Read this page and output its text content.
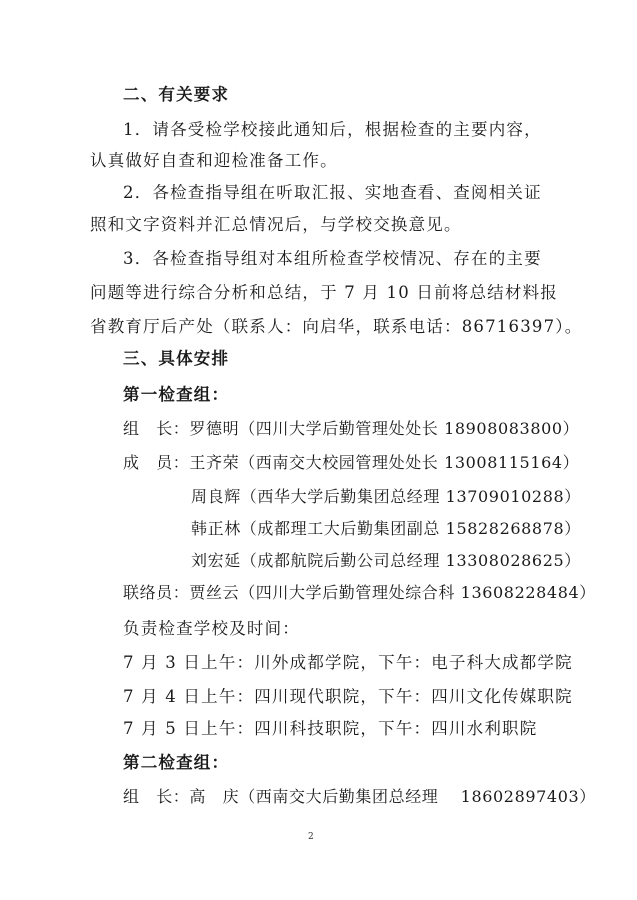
二、有关要求
1．请各受检学校接此通知后，根据检查的主要内容，
认真做好自查和迎检准备工作。
2．各检查指导组在听取汇报、实地查看、查阅相关证
照和文字资料并汇总情况后，与学校交换意见。
3．各检查指导组对本组所检查学校情况、存在的主要
问题等进行综合分析和总结，于 7 月 10 日前将总结材料报
省教育厅后产处（联系人：向启华，联系电话：86716397）。
三、具体安排
第一检查组：
组　长：罗德明（四川大学后勤管理处处长 18908083800）
成　员：王齐荣（西南交大校园管理处处长 13008115164）
周良辉（西华大学后勤集团总经理 13709010288）
韩正林（成都理工大后勤集团副总 15828268878）
刘宏延（成都航院后勤公司总经理 13308028625）
联络员：贾丝云（四川大学后勤管理处综合科 13608228484）
负责检查学校及时间：
7 月 3 日上午：川外成都学院，下午：电子科大成都学院
7 月 4 日上午：四川现代职院，下午：四川文化传媒职院
7 月 5 日上午：四川科技职院，下午：四川水利职院
第二检查组：
组　长：高　庆（西南交大后勤集团总经理　 18602897403）
2
